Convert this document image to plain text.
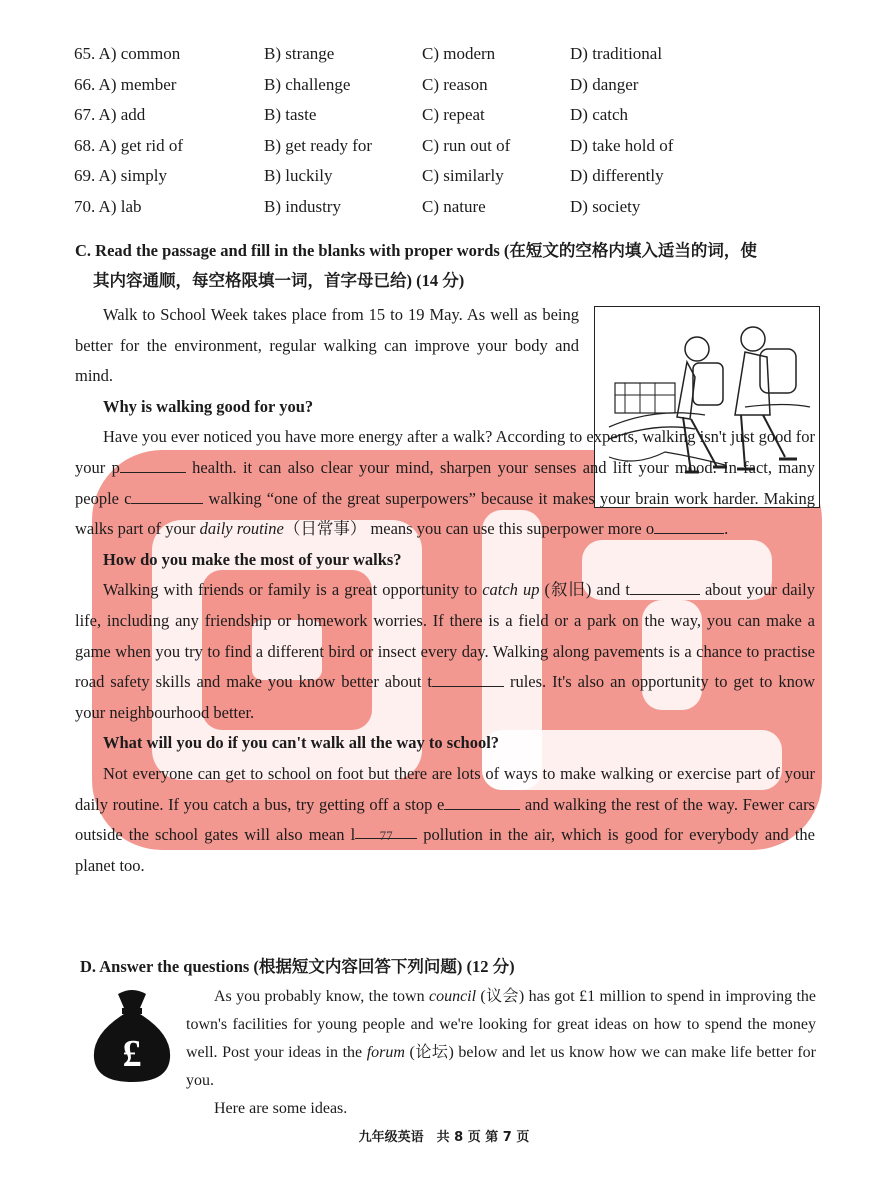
65. A) common	B) strange	C) modern	D) traditional
66. A) member	B) challenge	C) reason	D) danger
67. A) add	B) taste	C) repeat	D) catch
68. A) get rid of	B) get ready for	C) run out of	D) take hold of
69. A) simply	B) luckily	C) similarly	D) differently
70. A) lab	B) industry	C) nature	D) society
C. Read the passage and fill in the blanks with proper words (在短文的空格内填入适当的词，使
其内容通顺，每空格限填一词，首字母已给) (14 分)

Walk to School Week takes place from 15 to 19 May. As well as being better for the environment, regular walking can improve your body and mind.

Why is walking good for you?

Have you ever noticed you have more energy after a walk? According to experts, walking isn't just good for your p	health. it can also clear your mind, sharpen your senses and lift your mood. In fact, many people c	walking “one of the great superpowers” because it makes your brain work harder. Making walks part of your daily routine（日常事） means you can use this superpower more o	.

How do you make the most of your walks?

Walking with friends or family is a great opportunity to catch up (叙旧) and t	about your daily life, including any friendship or homework worries. If there is a field or a park on the way, you can make a game when you try to find a different bird or insect every day. Walking along pavements is a chance to practise road safety skills and make you know better about t	rules. It's also an opportunity to get to know your neighbourhood better.

What will you do if you can't walk all the way to school?

Not everyone can get to school on foot but there are lots of ways to make walking or exercise part of your daily routine. If you catch a bus, try getting off a stop e	and walking the rest of the way. Fewer cars outside the school gates will also mean l 77 pollution in the air, which is good for everybody and the planet too.

D. Answer the questions (根据短文内容回答下列问题) (12 分)
£

As you probably know, the town council (议会) has got £1 million to spend in improving the town's facilities for young people and we're looking for great ideas on how to spend the money well. Post your ideas in the forum (论坛) below and let us know how we can make life better for you.

Here are some ideas.

九年级英语　共 8 页 第 7 页
